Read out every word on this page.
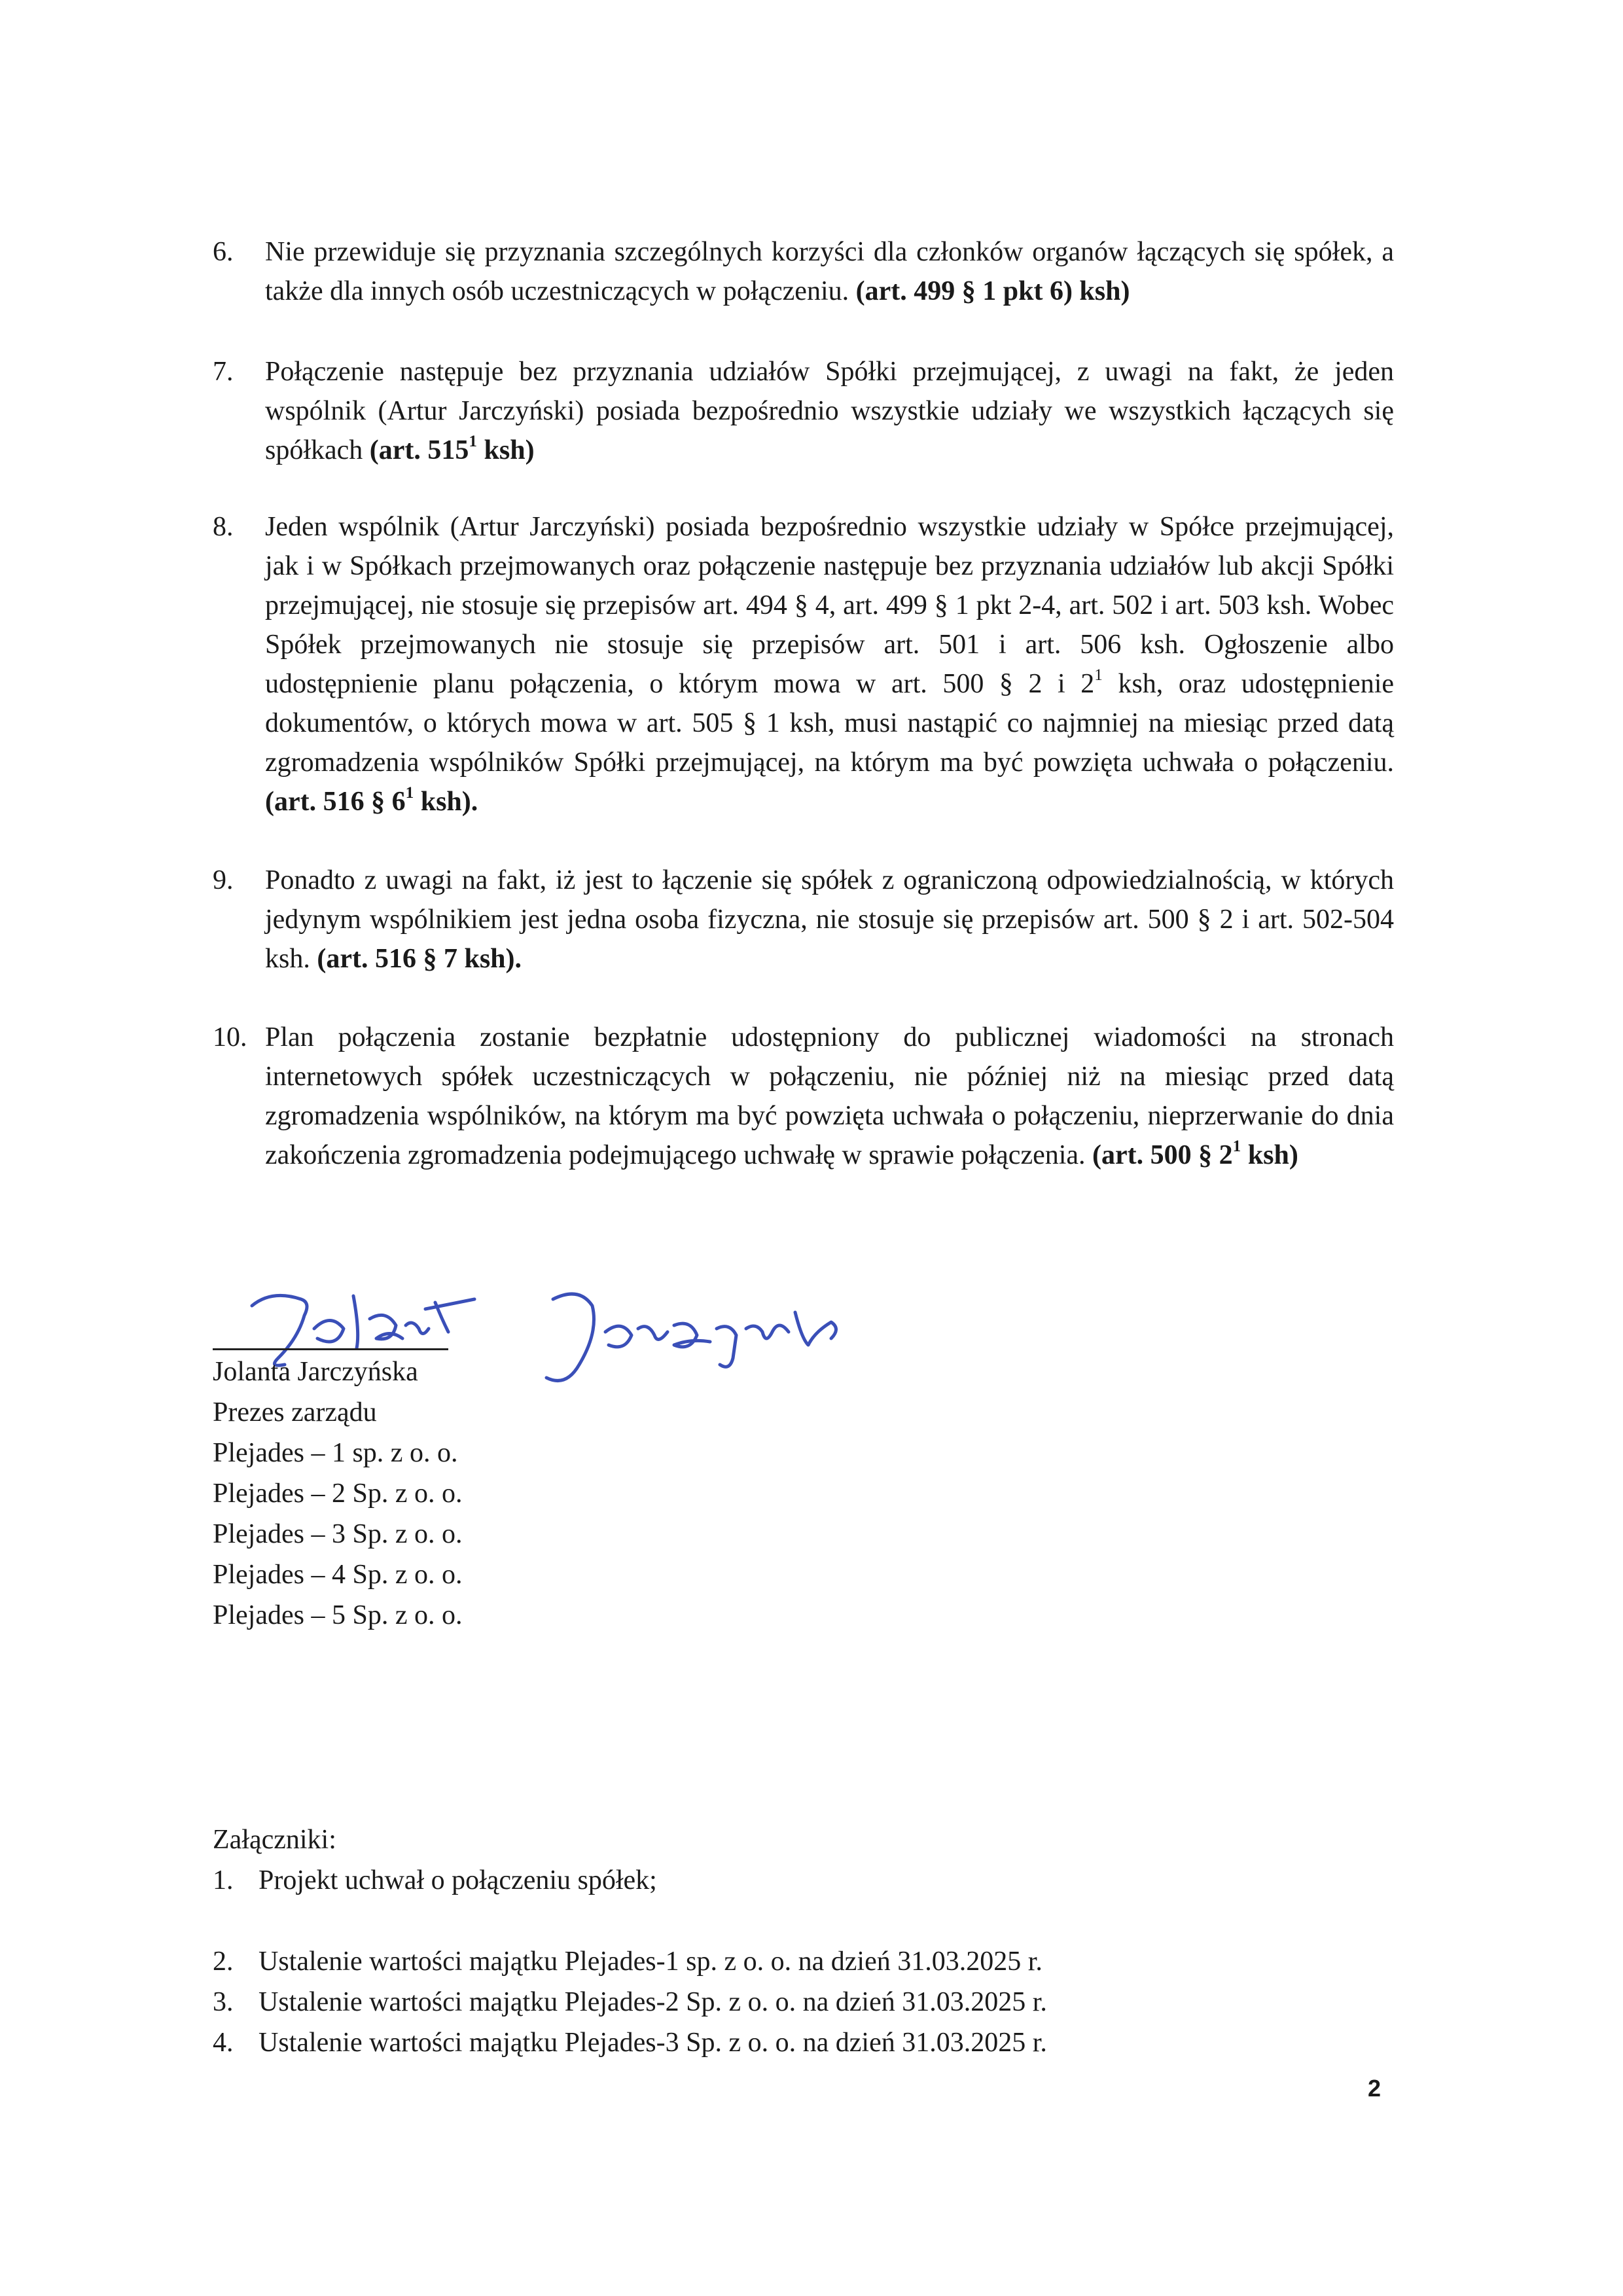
6. Nie przewiduje się przyznania szczególnych korzyści dla członków organów łączących się spółek, a także dla innych osób uczestniczących w połączeniu. (art. 499 § 1 pkt 6) ksh)
7. Połączenie następuje bez przyznania udziałów Spółki przejmującej, z uwagi na fakt, że jeden wspólnik (Artur Jarczyński) posiada bezpośrednio wszystkie udziały we wszystkich łączących się spółkach (art. $515^1$ ksh)
8. Jeden wspólnik (Artur Jarczyński) posiada bezpośrednio wszystkie udziały w Spółce przejmującej, jak i w Spółkach przejmowanych oraz połączenie następuje bez przyznania udziałów lub akcji Spółki przejmującej, nie stosuje się przepisów art. 494 § 4, art. 499 § 1 pkt 2-4, art. 502 i art. 503 ksh. Wobec Spółek przejmowanych nie stosuje się przepisów art. 501 i art. 506 ksh. Ogłoszenie albo udostępnienie planu połączenia, o którym mowa w art. 500 § 2 i $2^1$ ksh, oraz udostępnienie dokumentów, o których mowa w art. 505 § 1 ksh, musi nastąpić co najmniej na miesiąc przed datą zgromadzenia wspólników Spółki przejmującej, na którym ma być powzięta uchwała o połączeniu. (art. 516 § $6^1$ ksh).
9. Ponadto z uwagi na fakt, iż jest to łączenie się spółek z ograniczoną odpowiedzialnością, w których jedynym wspólnikiem jest jedna osoba fizyczna, nie stosuje się przepisów art. 500 § 2 i art. 502-504 ksh. (art. 516 § 7 ksh).
10. Plan połączenia zostanie bezpłatnie udostępniony do publicznej wiadomości na stronach internetowych spółek uczestniczących w połączeniu, nie później niż na miesiąc przed datą zgromadzenia wspólników, na którym ma być powzięta uchwała o połączeniu, nieprzerwanie do dnia zakończenia zgromadzenia podejmującego uchwałę w sprawie połączenia. (art. 500 § $2^1$ ksh)
Jolanta Jarczyńska
Prezes zarządu
Plejades – 1 sp. z o. o.
Plejades – 2 Sp. z o. o.
Plejades – 3 Sp. z o. o.
Plejades – 4 Sp. z o. o.
Plejades – 5 Sp. z o. o.

Załączniki:

1. Projekt uchwał o połączeniu spółek;
2. Ustalenie wartości majątku Plejades-1 sp. z o. o. na dzień 31.03.2025 r.
3. Ustalenie wartości majątku Plejades-2 Sp. z o. o. na dzień 31.03.2025 r.
4. Ustalenie wartości majątku Plejades-3 Sp. z o. o. na dzień 31.03.2025 r.
2
